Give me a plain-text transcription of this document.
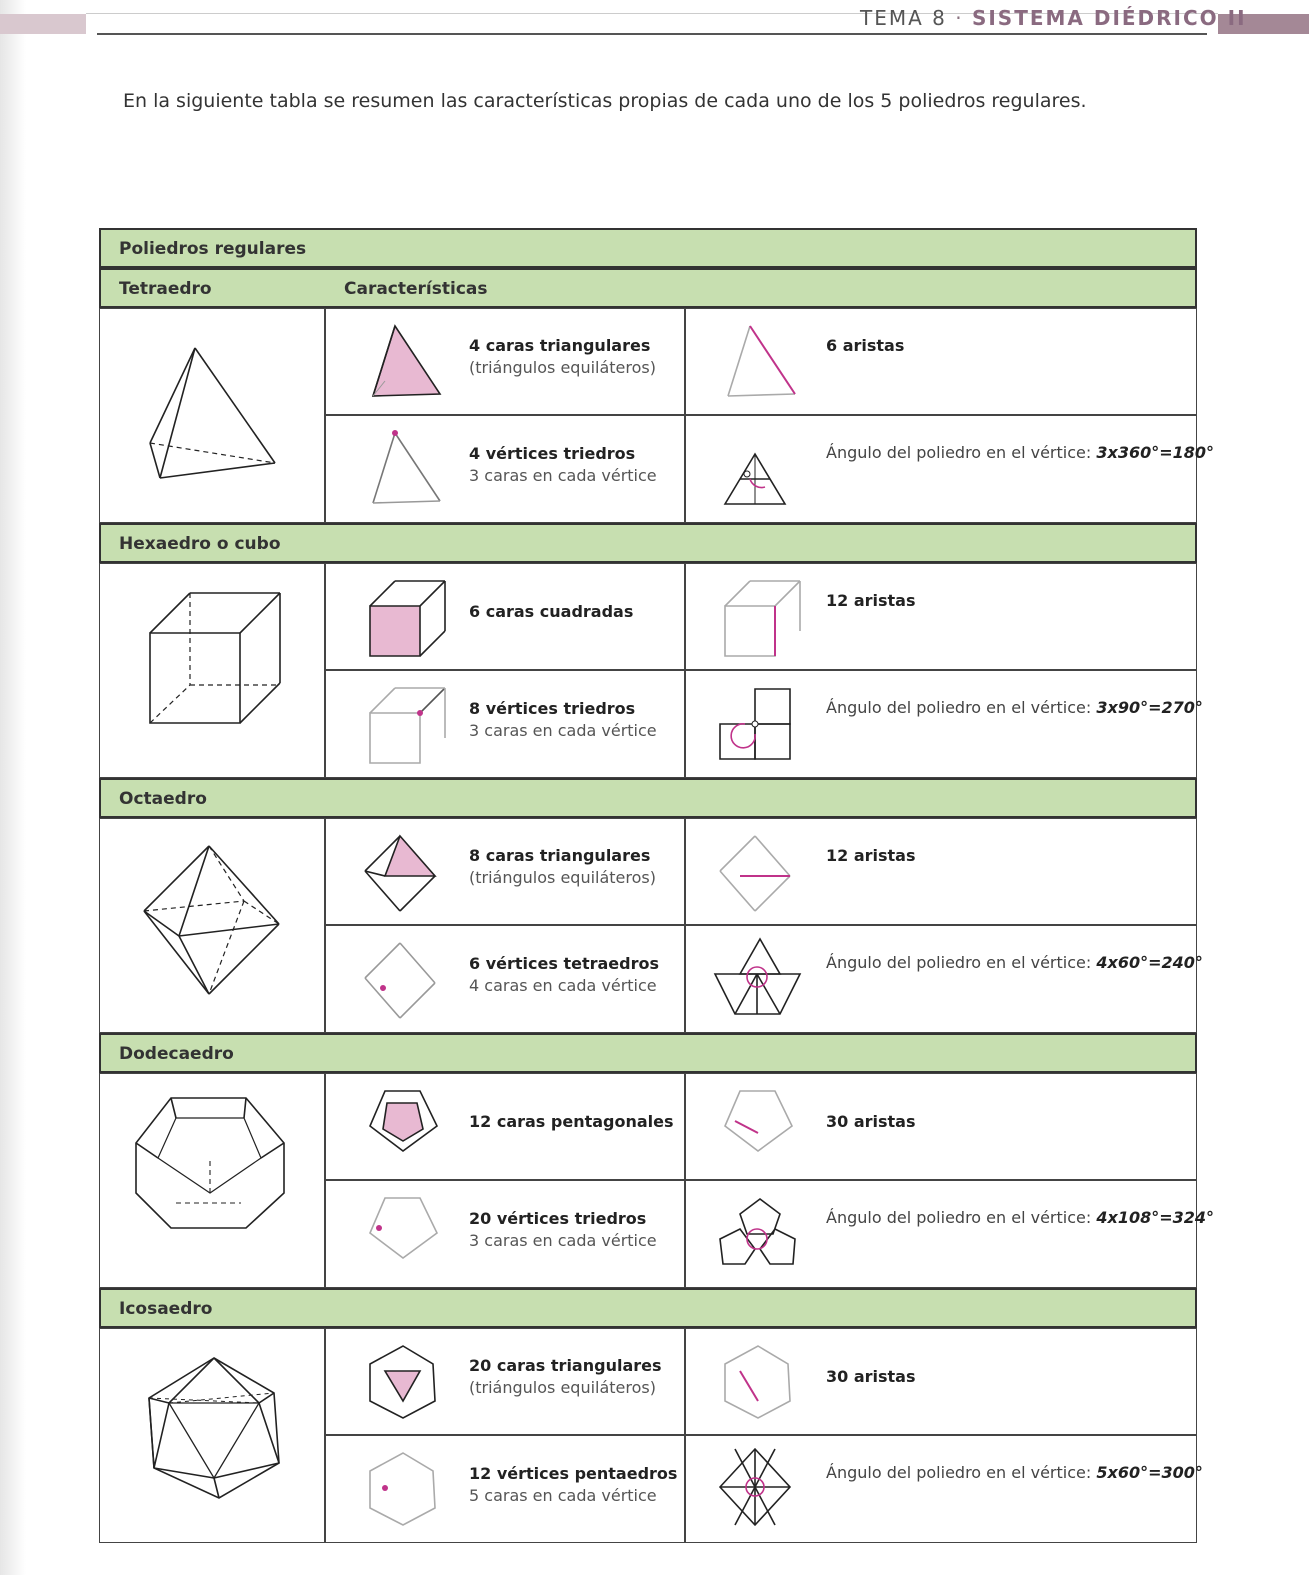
TEMA 8 · SISTEMA DIÉDRICO II
En la siguiente tabla se resumen las características propias de cada uno de los 5 poliedros regulares.
Poliedros regulares
Tetraedro	Características
4 caras triangulares
(triángulos equiláteros)
6 aristas
4 vértices triedros
3 caras en cada vértice
Ángulo del poliedro en el vértice: 3x360°=180°
Hexaedro o cubo
6 caras cuadradas
12 aristas
8 vértices triedros
3 caras en cada vértice
Ángulo del poliedro en el vértice: 3x90°=270°
Octaedro
8 caras triangulares
(triángulos equiláteros)
12 aristas
6 vértices tetraedros
4 caras en cada vértice
Ángulo del poliedro en el vértice: 4x60°=240°
Dodecaedro
12 caras pentagonales	30 aristas
20 vértices triedros
3 caras en cada vértice
Ángulo del poliedro en el vértice: 4x108°=324°
Icosaedro
20 caras triangulares
(triángulos equiláteros)
30 aristas
12 vértices pentaedros
5 caras en cada vértice
Ángulo del poliedro en el vértice: 5x60°=300°
